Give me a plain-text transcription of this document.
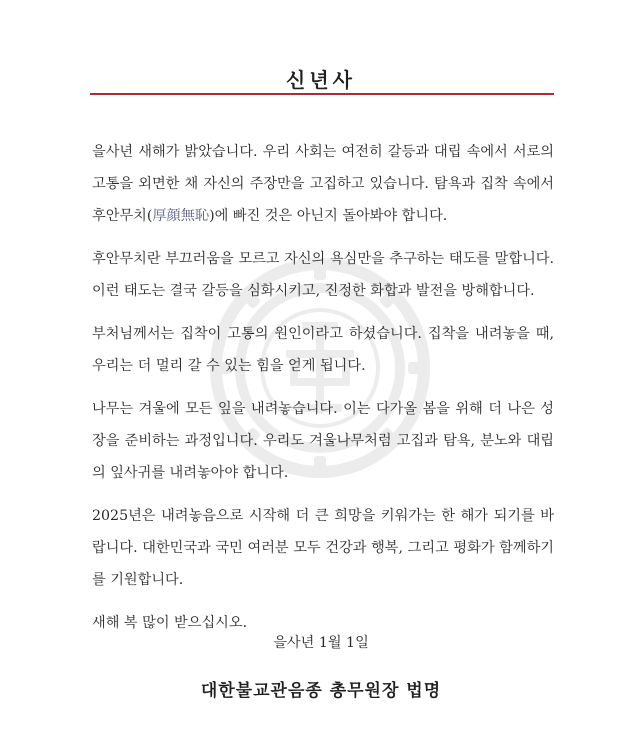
신년사

을사년 새해가 밝았습니다. 우리 사회는 여전히 갈등과 대립 속에서 서로의 고통을 외면한 채 자신의 주장만을 고집하고 있습니다. 탐욕과 집착 속에서 후안무치(厚顔無恥)에 빠진 것은 아닌지 돌아봐야 합니다.

후안무치란 부끄러움을 모르고 자신의 욕심만을 추구하는 태도를 말합니다. 이런 태도는 결국 갈등을 심화시키고, 진정한 화합과 발전을 방해합니다.

부처님께서는 집착이 고통의 원인이라고 하셨습니다. 집착을 내려놓을 때, 우리는 더 멀리 갈 수 있는 힘을 얻게 됩니다.

나무는 겨울에 모든 잎을 내려놓습니다. 이는 다가올 봄을 위해 더 나은 성장을 준비하는 과정입니다. 우리도 겨울나무처럼 고집과 탐욕, 분노와 대립의 잎사귀를 내려놓아야 합니다.

2025년은 내려놓음으로 시작해 더 큰 희망을 키워가는 한 해가 되기를 바랍니다. 대한민국과 국민 여러분 모두 건강과 행복, 그리고 평화가 함께하기를 기원합니다.

새해 복 많이 받으십시오.

을사년 1월 1일
대한불교관음종 총무원장 법명
